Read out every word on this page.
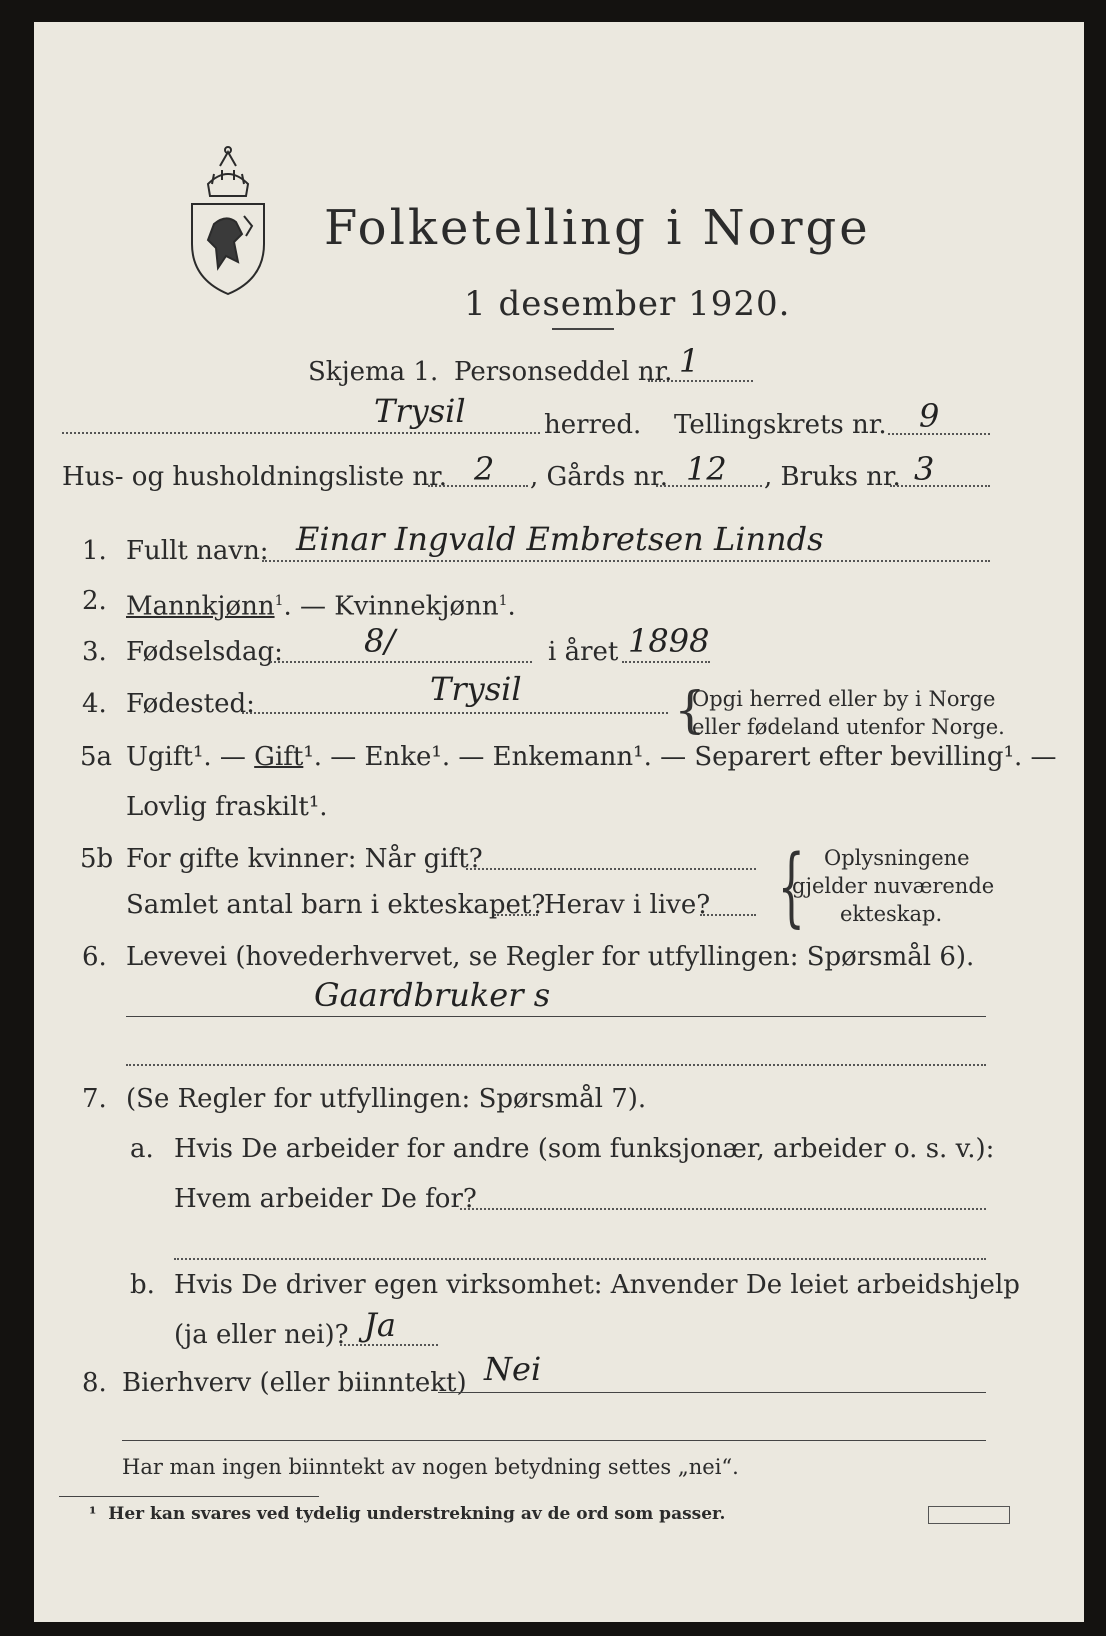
Folketelling i Norge
1 desember 1920.
Skjema 1. Personseddel nr. 1
Trysil	herred. Tellingskrets nr. 9
Hus- og husholdningsliste nr. 2 , Gårds nr. 12 , Bruks nr. 3
1. Fullt navn: Einar Ingvald Embretsen Linnds
2. Mannkjønn$^1$. — Kvinnekjønn$^1$.
3. Fødselsdag:	8/	i året 1898
4. Fødested:	Trysil	{
Opgi herred eller by i Norge
eller fødeland utenfor Norge.
5a Ugift¹. — Gift¹. — Enke¹. — Enkemann¹. — Separert efter bevilling¹. —
Lovlig fraskilt¹.
5b For gifte kvinner: Når gift?
Samlet antal barn i ekteskapet?
Herav i live? { Oplysningene
gjelder nuværende
ekteskap.
6. Levevei (hovederhvervet, se Regler for utfyllingen: Spørsmål 6).
Gaardbruker s
7. (Se Regler for utfyllingen: Spørsmål 7).
a. Hvis De arbeider for andre (som funksjonær, arbeider o. s. v.):
Hvem arbeider De for?
b. Hvis De driver egen virksomhet: Anvender De leiet arbeidshjelp
(ja eller nei)? Ja
8. Bierhverv (eller biinntekt) Nei
Har man ingen biinntekt av nogen betydning settes „nei“.
¹ Her kan svares ved tydelig understrekning av de ord som passer.
